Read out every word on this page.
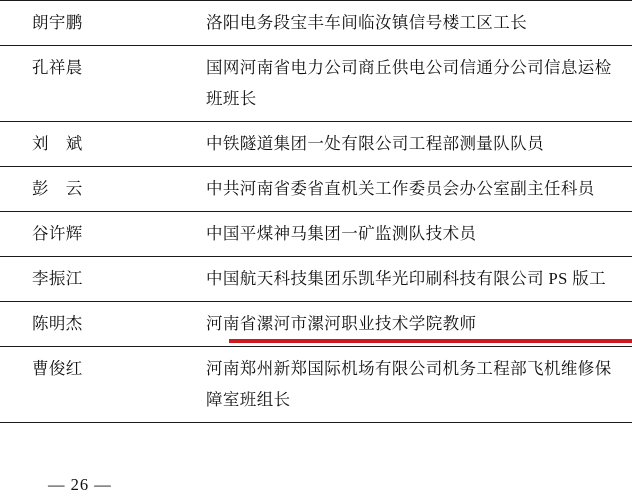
朗宇鹏	洛阳电务段宝丰车间临汝镇信号楼工区工长
孔祥晨	国网河南省电力公司商丘供电公司信通分公司信息运检班班长
刘　斌	中铁隧道集团一处有限公司工程部测量队队员
彭　云	中共河南省委省直机关工作委员会办公室副主任科员
谷许辉	中国平煤神马集团一矿监测队技术员
李振江	中国航天科技集团乐凯华光印刷科技有限公司 PS 版工
陈明杰	河南省漯河市漯河职业技术学院教师

曹俊红	河南郑州新郑国际机场有限公司机务工程部飞机维修保障室班组长
— 26 —
